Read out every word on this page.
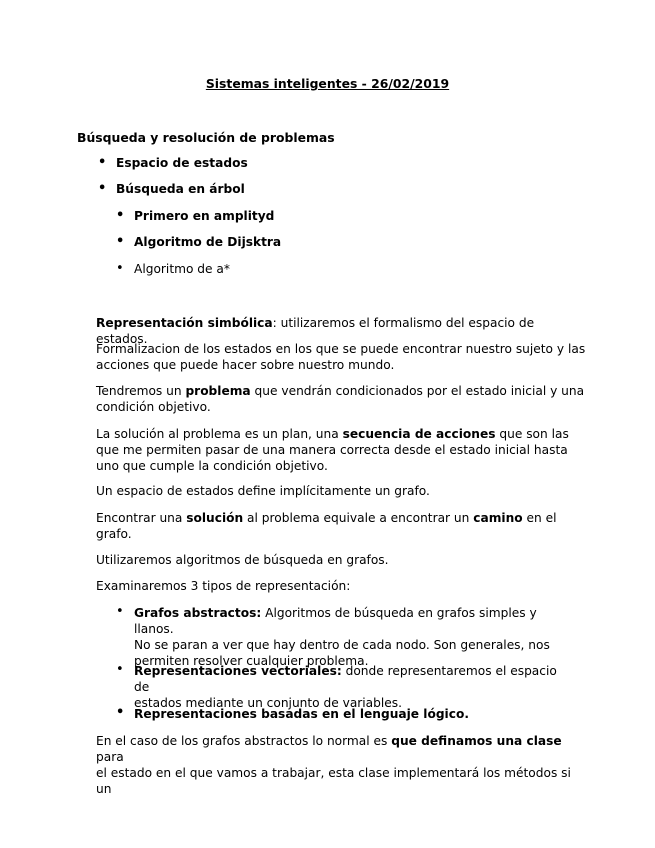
Sistemas inteligentes - 26/02/2019
Búsqueda y resolución de problemas
• Espacio de estados
• Búsqueda en árbol
• Primero en amplityd
• Algoritmo de Dijsktra
• Algoritmo de a*
Representación simbólica: utilizaremos el formalismo del espacio de estados.
Formalizacion de los estados en los que se puede encontrar nuestro sujeto y las
acciones que puede hacer sobre nuestro mundo.
Tendremos un problema que vendrán condicionados por el estado inicial y una
condición objetivo.
La solución al problema es un plan, una secuencia de acciones que son las
que me permiten pasar de una manera correcta desde el estado inicial hasta
uno que cumple la condición objetivo.
Un espacio de estados define implícitamente un grafo.
Encontrar una solución al problema equivale a encontrar un camino en el
grafo.
Utilizaremos algoritmos de búsqueda en grafos.
Examinaremos 3 tipos de representación:
• Grafos abstractos: Algoritmos de búsqueda en grafos simples y llanos.
No se paran a ver que hay dentro de cada nodo. Son generales, nos
permiten resolver cualquier problema.
• Representaciones vectoriales: donde representaremos el espacio de
estados mediante un conjunto de variables.
• Representaciones basadas en el lenguaje lógico.
En el caso de los grafos abstractos lo normal es que definamos una clase para
el estado en el que vamos a trabajar, esta clase implementará los métodos si un
